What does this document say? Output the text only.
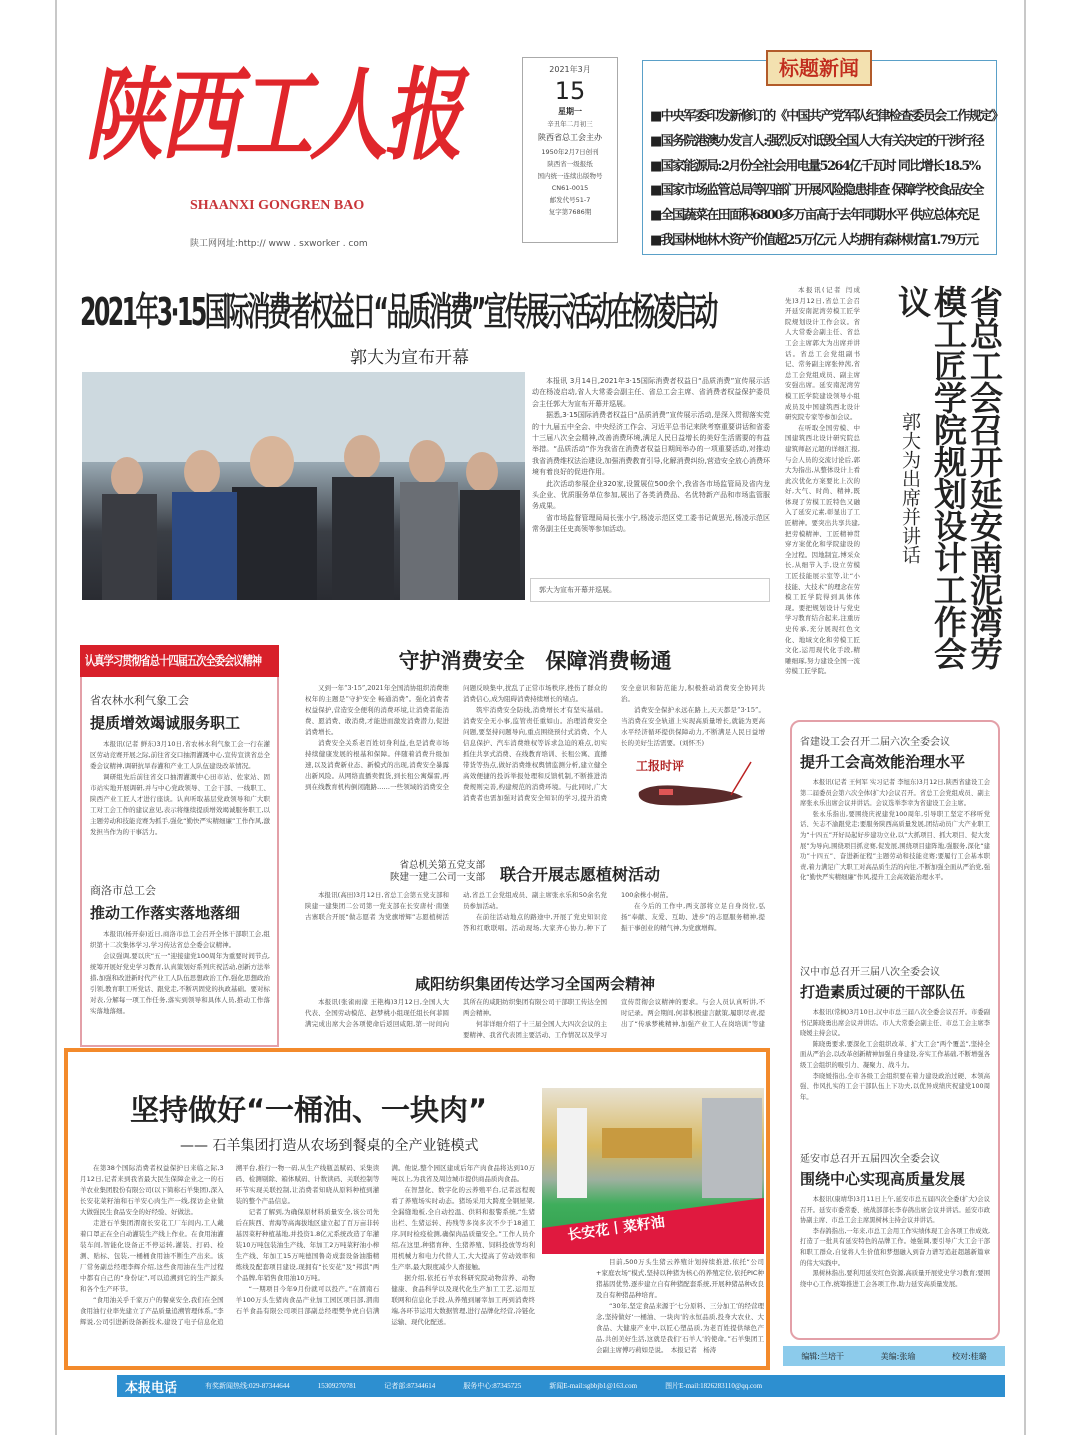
陕西工人报
SHAANXI GONGREN BAO
陕工网网址:http:// www . sxworker . com
2021年3月
15
星期一
辛丑年二月初三
陕西省总工会主办
1950年2月7日创刊
陕西省一级报纸
国内统一连续出版物号
CN61-0015
邮发代号51-7
复字第7686期
标题新闻
■中央军委印发新修订的《中国共产党军队纪律检查委员会工作规定》
■国务院港澳办发言人:强烈反对诋毁全国人大有关决定的干涉行径
■国家能源局:2月份全社会用电量5264亿千瓦时 同比增长18.5%
■国家市场监管总局等四部门开展风险隐患排查 保障学校食品安全
■全国蔬菜在田面积6800多万亩高于去年同期水平 供应总体充足
■我国林地林木资产价值超25万亿元 人均拥有森林财富1.79万元
2021年3·15国际消费者权益日“品质消费”宣传展示活动在杨凌启动
郭大为宣布开幕

本报讯 3月14日,2021年3·15国际消费者权益日“品质消费”宣传展示活动在杨凌启动,省人大常委会副主任、省总工会主席、省消费者权益保护委员会主任郭大为宣布开幕并巡展。

据悉,3·15国际消费者权益日“品质消费”宣传展示活动,是深入贯彻落实党的十九届五中全会、中央经济工作会、习近平总书记来陕考察重要讲话和省委十三届八次全会精神,改善消费环境,满足人民日益增长的美好生活需要的有益举措。“品质活动”作为我省在消费者权益日期间举办的一项重要活动,对推动我省消费维权法治建设,加强消费教育引导,化解消费纠纷,营造安全放心消费环境有着良好的促进作用。

此次活动参展企业320家,设置展位500余个,我省各市场监管局及省内龙头企业、优质服务单位参加,展出了各类消费品、名优特新产品和市场监管服务成果。

省市场监督管理局局长张小宁,杨凌示范区党工委书记黄思光,杨凌示范区常务副主任史高领等参加活动。

郭大为宣布开幕并巡展。

本报讯(记者 闫成先)3月12日,省总工会召开延安南泥湾劳模工匠学院规划设计工作会议。省人大常委会副主任、省总工会主席郭大为出席并讲话。省总工会党组副书记、常务副主席张仲茜,省总工会党组成员、副主席安强出席。延安南泥湾劳模工匠学院建设领导小组成员及中国建筑西北设计研究院专家等参加会议。

在听取全国劳模、中国建筑西北设计研究院总建筑师赵元超的详细汇报,与会人员的交流讨论后,郭大为指出,从整体设计上看此次优化方案要比上次的好,大气、时尚、精神,既体现了劳模工匠特色又融入了延安元素,彰显出了工匠精神。要突出共享共建,把劳模精神、工匠精神贯穿方案优化和学院建设的全过程。因地制宜,博采众长,从细节入手,设立劳模工匠技能展示室等,让“小技能、大技术”的理念在劳模工匠学院得到具体体现。要把规划设计与党史学习教育结合起来,注重历史传承,充分展现红色文化、地域文化和劳模工匠文化,运用现代化手段,精雕细琢,努力建设全国一流劳模工匠学院。

郭大为出席并讲话	省总工会召开延安南泥湾劳模工匠学院规划设计工作会议
认真学习贯彻省总十四届五次全委会议精神
省农林水利气象工会
提质增效竭诚服务职工

本报讯(记者 鲜东)3月10日,省农林水利气象工会一行在灌区劳动竞赛开展之际,前往省交口抽渭灌溉中心,宣传宣读省总全委会议精神,调研抗旱春灌和产业工人队伍建设改革情况。

调研组先后前往省交口抽渭灌溉中心田市站、佐家站、固市站实地开展调研,并与中心党政领导、工会干部、一线职工、陕西产业工匠人才进行座谈。认真听取基层党政领导和广大职工对工会工作的建议意见,表示将继续提质增效竭诚服务职工,以主题劳动和技能竞赛为抓手,强化“勤快严实精细廉”工作作风,激发担当作为的干事活力。

商洛市总工会
推动工作落实落地落细

本报讯(杨开泰)近日,商洛市总工会召开全体干部职工会,组织第十二次集体学习,学习传达省总全委会议精神。

会议强调,要以庆“五一”迎接建党100周年为重要时间节点,统筹开展好党史学习教育,认真策划好系列庆祝活动,创新方法举措,加强和改进新时代产业工人队伍思想政治工作,强化思想政治引领,教育职工听党话、跟党走,不断巩固党的执政基础。要对标对表,分解每一项工作任务,落实到领导和具体人员,推动工作落实落地落细。

守护消费安全　保障消费畅通

又到一年“3·15”,2021年全国消协组织消费维权年的主题是“守护安全 畅通消费”。强化消费者权益保护,营造安全便利的消费环境,让消费者能消费、愿消费、敢消费,才能进而激发消费潜力,促进消费增长。

消费安全关系老百姓切身利益,也是消费市场持续健康发展的根基和保障。伴随着消费升级加速,以及消费新业态、新模式的出现,消费安全暴露出新风险。从网络直播卖假货,到长租公寓爆雷,再到在线教育机构倒闭跑路……一些领域的消费安全问题反映集中,扰乱了正常市场秩序,挫伤了群众的消费信心,成为阻碍消费持续增长的堵点。

筑牢消费安全防线,消费增长才有坚实基础。消费安全无小事,监管责任重如山。治理消费安全问题,要坚持问题导向,重点围绕预付式消费、个人信息保护、汽车消费维权等诉求急迫的难点,切实抓住共享式消费、在线教育培训、长租公寓、直播带货等热点,做好消费维权舆情监测分析,建立健全高效便捷的投诉举报处理和反馈机制,不断推进消费规则完善,构建规范的消费环境。与此同时,广大消费者也需加强对消费安全知识的学习,提升消费安全意识和防范能力,积极推动消费安全协同共治。

消费安全保护永远在路上,天天都是“3·15”。当消费在安全轨道上实现高质量增长,就能为更高水平经济循环提供保障动力,不断满足人民日益增长的美好生活需要。(刘怀丕)

工报时评
省总机关第五党支部
陕建一建二公司一支部 联合开展志愿植树活动

本报讯(高田)3月12日,省总工会第五党支部和陕建一建集团二公司第一党支部在长安唐村·南堡古寨联合开展“做志愿者 为党旗增辉”志愿植树活动,省总工会党组成员、副主席张永乐和50余名党员参加活动。

在前往活动地点的路途中,开展了党史知识竞答和红歌联唱。活动现场,大家齐心协力,种下了100余株小树苗。

在今后的工作中,两支部将立足自身岗位,弘扬“奉献、友爱、互助、进步”的志愿服务精神,提振干事创业的精气神,为党旗增辉。

咸阳纺织集团传达学习全国两会精神

本报讯(张雀雨濛 王艳梅)3月12日,全国人大代表、全国劳动模范、赵梦桃小组现任组长何菲圆满完成出席大会各项使命后返回咸阳,第一时间向其所在的咸阳纺织集团有限公司干部职工传达全国两会精神。

何菲详细介绍了十三届全国人大四次会议的主要精神、我省代表团主要活动、工作情况以及学习宣传贯彻会议精神的要求。与会人员认真听讲,不时记录。两会期间,何菲积极建言献策,履职尽责,提出了“传承梦桃精神,加强产业工人在岗培训”等建

省建设工会召开二届六次全委会议
提升工会高效能治理水平

本报讯(记者 王何军 实习记者 李旭东)3月12日,陕西省建设工会第二届委员会第六次全体(扩大)会议召开。省总工会党组成员、副主席张永乐出席会议并讲话。会议选举李幸为省建设工会主席。

张永乐指出,要围绕庆祝建党100周年,引导职工坚定不移听党话、矢志不渝跟党走;要服务陕西高质量发展,团结动员广大产业职工为“十四五”开好局起好步建功立业,以“大抓项目、抓大项目、促大发展”为导向,围绕项目抓竞赛,促发展,围绕项目建阵地,强服务,深化“建功”十四五”、奋进新征程”主题劳动和技能竞赛;要履行工会基本职责,着力满足广大职工对高品质生活的向往,不断加强全面从严治党,强化“勤快严实精细廉”作风,提升工会高效能治理水平。

汉中市总召开三届八次全委会议
打造素质过硬的干部队伍

本报讯(常枫)3月10日,汉中市总三届八次全委会议召开。市委副书记陈晓勇出席会议并讲话。市人大常委会副主任、市总工会主席李晓媛主持会议。

陈晓勇要求,要深化工会组织改革、扩大工会“两个覆盖”,坚持全面从严治会,以改革创新精神加强自身建设,夯实工作基础,不断增强各级工会组织的吸引力、凝聚力、战斗力。

李晓媛指出,全市各级工会组织要在着力建设政治过硬、本领高强、作风扎实的工会干部队伍上下功夫,以优异成绩庆祝建党100周年。

延安市总召开五届四次全委会议
围绕中心实现高质量发展

本报讯(康靖华)3月11日上午,延安市总五届四次全委(扩大)会议召开。延安市委常委、统战部部长李春鸽出席会议并讲话。延安市政协副主席、市总工会主席黑树林主持会议并讲话。

李春鸽指出,一年来,市总工会用工作实绩体现工会各项工作成效,打造了一批具有延安特色的品牌工作。她强调,要引导广大工会干部和职工群众,自觉将人生价值和梦想融入到奋力谱写追赶超越新篇章的伟大实践中。

黑树林指出,要利用延安红色资源,高质量开展党史学习教育;要围绕中心工作,统筹推进工会各项工作,助力延安高质量发展。

编辑:兰培干	美编:张瑜	校对:桂璐
坚持做好“一桶油、一块肉”
—— 石羊集团打造从农场到餐桌的全产业链模式
长安花丨菜籽油

在第38个国际消费者权益保护日来临之际,3月12日,记者来到我省最大民生保障企业之一的石羊农业集团股份有限公司(以下简称石羊集团),深入长安花菜籽油和石羊安心肉生产一线,探访企业做大做强民生食品安全的好经验、好做法。

走进石羊集团渭南长安花工厂车间内,工人戴着口罩正在全自动灌装生产线上作业。在食用油灌装车间,智能化设备正不停运转,灌装、打码、检测、贴标、包装,一桶桶食用油不断生产出来。该厂常务副总经理李辉介绍,这些食用油在生产过程中都有自己的“身份证”,可以追溯到它的生产源头和各个生产环节。

“食用油关乎千家万户的餐桌安全,我们在全国食用油行业率先建立了产品质量追溯管理体系。”李辉说,公司引进新设备新技术,建设了电子信息化追溯平台,推行一物一码,从生产线瓶盖赋码、采集读码、检测剔除、箱体赋码、计数读码、关联控制等环节实现关联控制,让消费者知晓从原料种植到灌装的整个产品信息。

记者了解到,为确保原材料质量安全,该公司先后在陕西、青海等高海拔地区建立起了百万亩非转基因菜籽种植基地,并投资1.8亿元系统改造了年灌装10万吨包装油生产线、年加工2万吨菜籽油小榨生产线、年加工15万吨德国鲁奇成套设备油脂精炼线及配套项目建设,现拥有“长安花”及“邦淇”两个品牌,年销售食用油10万吨。

“一期项目今年9月份就可以投产。”在渭南石羊100万头生猪肉食品产业加工园区项目部,渭南石羊食品有限公司项目部副总经理樊争虎自信满满。他说,整个园区建成后年产肉食品将达到10万吨以上,为我省及周边城市提供商品质肉食品。

在智慧化、数字化的云养殖平台,记者远程观看了养殖场实时动态。猪场采用大跨度全钢屋架,全漏缝地板,全自动控温、供料和报警系统,“生猪出栏、生猪运转、药残等多岗多次不少于18道工序,同时检疫检测,确保肉品质量安全。”工作人员介绍,在这里,种猪育种、生猪养殖、饲料投放等均利用机械力和电力代替人工,大大提高了劳动效率和生产率,最大限度减少人畜接触。

据介绍,依托石羊农科研究院动物营养、动物健康、食品科学以及现代化生产加工工艺,运用互联网和信息化手段,从养殖到屠宰加工再到消费终端,各环节运用大数据管理,进行品牌化经营,冷链化运输、现代化配送。

目前,500万头生猪云养殖计划持续推进,依托“公司+家庭农场”模式,坚持以种猪为核心的养殖定位,依托PIC种猪基因优势,逐步建立自有种猪配套系统,开展种猪品种改良及自有种猪品种培育。

“30年,坚定食品来源于‘七分原料、三分加工’的经营理念,坚持做好‘一桶油、一块肉’的永恒品质,投身大农业、大食品、大健康产业中,以匠心塑品质,为老百姓提供绿色产品,共创美好生活,这就是我们‘石羊人’的使命。”石羊集团工会副主席傅巧莉如是说。　本报记者　杨涛

本报电话	有奖新闻热线:029-87344644	15309270781	记者部:87344614	服务中心:87345725	新闻E-mail:sgbbjb1@163.com	图片E-mail:1826283110@qq.com
